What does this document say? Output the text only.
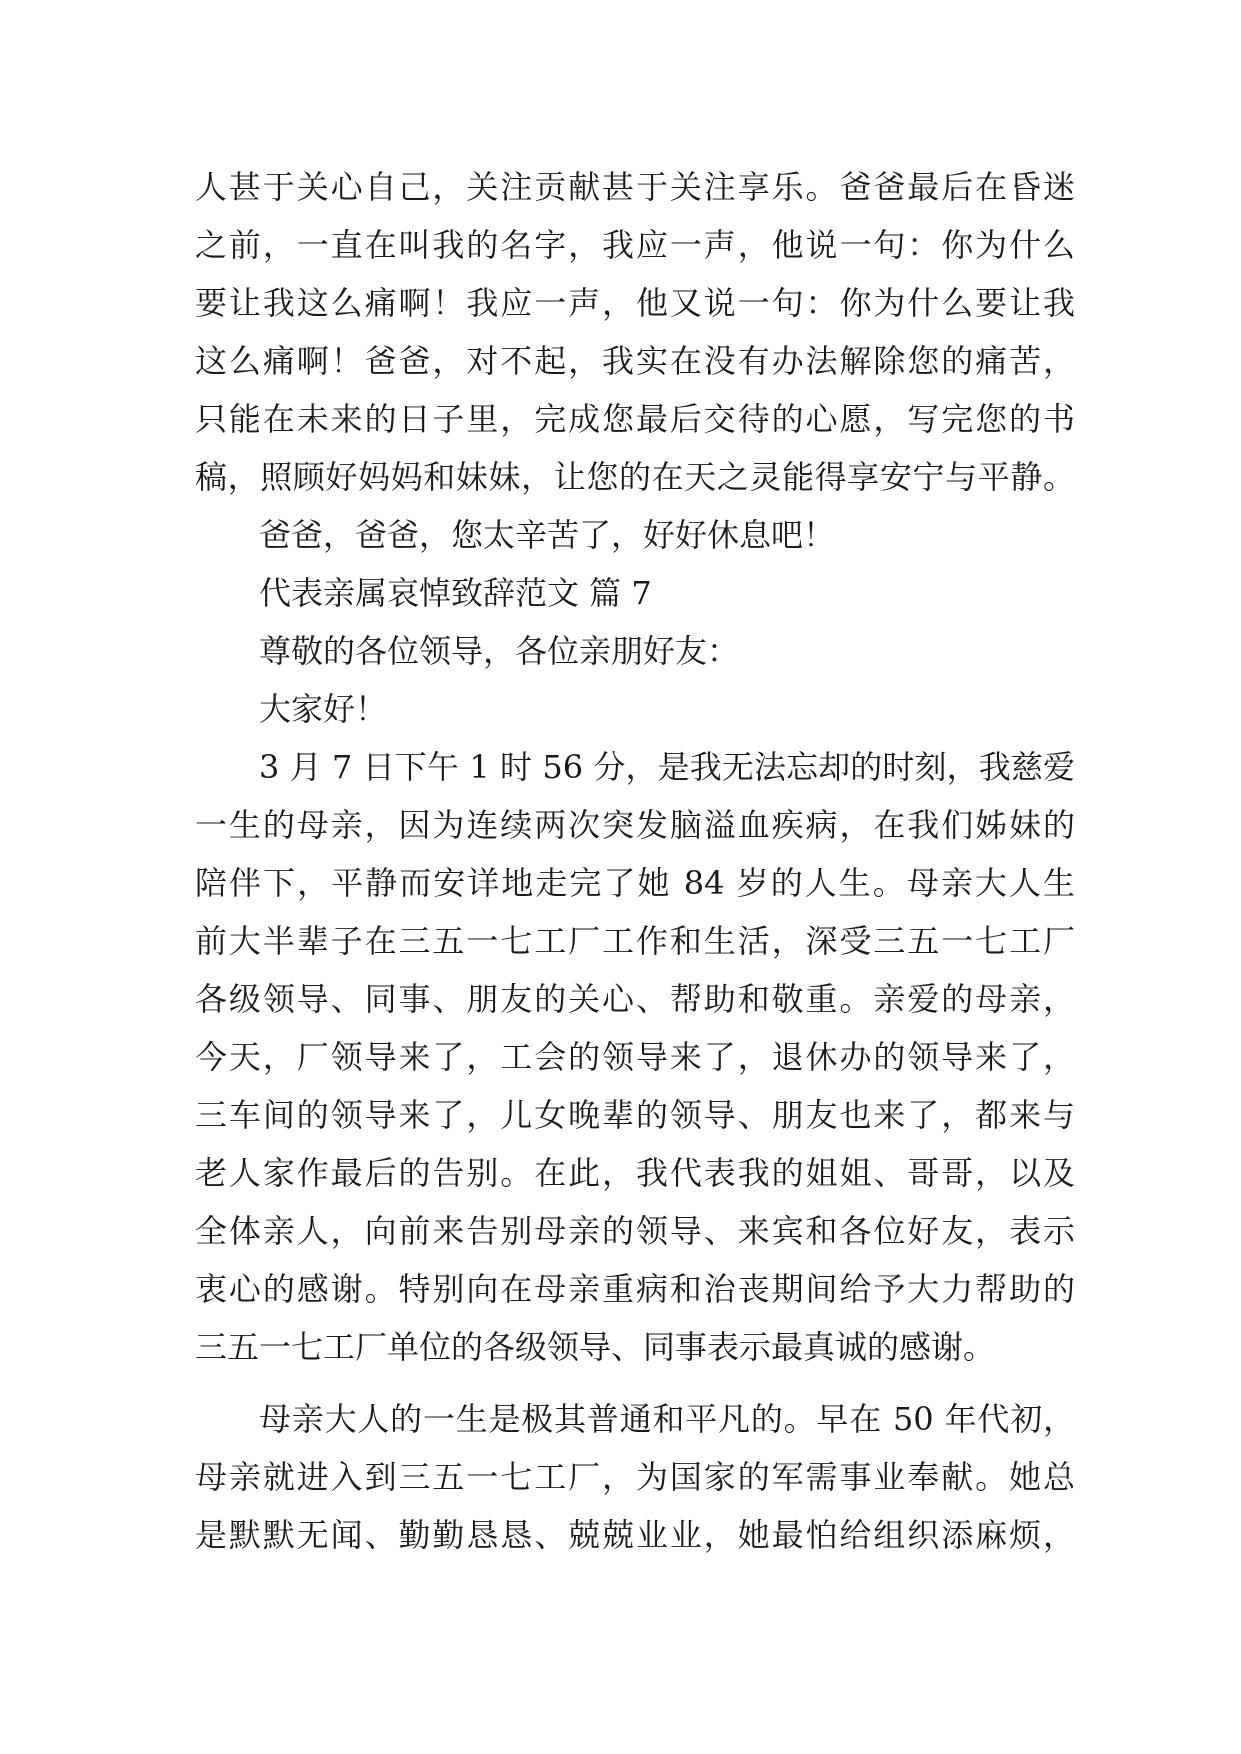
人甚于关心自己，关注贡献甚于关注享乐。爸爸最后在昏迷
之前，一直在叫我的名字，我应一声，他说一句：你为什么
要让我这么痛啊！我应一声，他又说一句：你为什么要让我
这么痛啊！爸爸，对不起，我实在没有办法解除您的痛苦，
只能在未来的日子里，完成您最后交待的心愿，写完您的书
稿，照顾好妈妈和妹妹，让您的在天之灵能得享安宁与平静。
爸爸，爸爸，您太辛苦了，好好休息吧！
代表亲属哀悼致辞范文 篇 7
尊敬的各位领导，各位亲朋好友：
大家好！
3 月 7 日下午 1 时 56 分，是我无法忘却的时刻，我慈爱
一生的母亲，因为连续两次突发脑溢血疾病，在我们姊妹的
陪伴下，平静而安详地走完了她 84 岁的人生。母亲大人生
前大半辈子在三五一七工厂工作和生活，深受三五一七工厂
各级领导、同事、朋友的关心、帮助和敬重。亲爱的母亲，
今天，厂领导来了，工会的领导来了，退休办的领导来了，
三车间的领导来了，儿女晚辈的领导、朋友也来了，都来与
老人家作最后的告别。在此，我代表我的姐姐、哥哥，以及
全体亲人，向前来告别母亲的领导、来宾和各位好友，表示
衷心的感谢。特别向在母亲重病和治丧期间给予大力帮助的
三五一七工厂单位的各级领导、同事表示最真诚的感谢。
母亲大人的一生是极其普通和平凡的。早在 50 年代初，
母亲就进入到三五一七工厂，为国家的军需事业奉献。她总
是默默无闻、勤勤恳恳、兢兢业业，她最怕给组织添麻烦，
